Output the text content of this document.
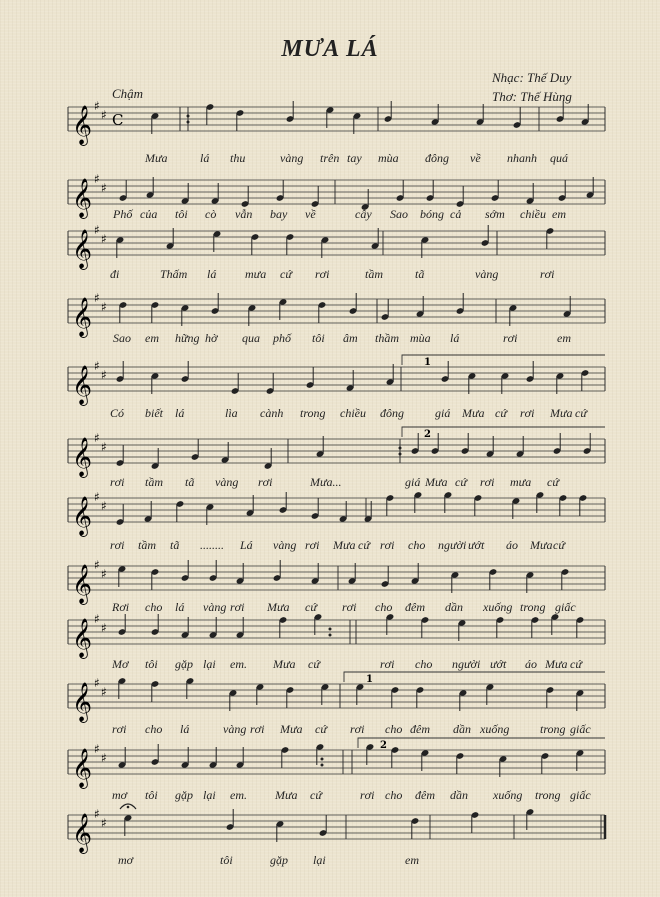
MƯA LÁ
Nhạc: Thế Duy
Thơ: Thế Hùng
Chậm
𝄞 ♯
♯ C
𝄞 ♯
♯
𝄞 ♯
♯
𝄞 ♯
♯
𝄞 ♯
♯
𝄞 ♯
♯
𝄞 ♯
♯
𝄞 ♯
♯
𝄞 ♯
♯
𝄞 ♯
♯
𝄞 ♯
♯
𝄞 ♯
♯
1
2
1
2
Mưa	lá thu	vàng trên tay mùa đông về nhanh quá
Phố của tôi cò vẫn bay về	cây Sao bóng cả sớm chiều em
đi	Thấm lá mưa cứ rơi	tầm	tã	vàng	rơi
Sao em hững hờ qua phố tôi âm thầm mùa lá	rơi	em
Có biết lá	lìa cành trong chiều đông	giá Mưa cứ rơi Mưa cứ
rơi tầm tã vàng rơi	Mưa...	giá Mưa cứ rơi mưa cứ
rơi tầm tã ........ Lá vàng rơi Mưa cứ rơi cho người ướt áo Mưa cứ
Rơi cho lá vàng rơi Mưa cứ rơi cho đêm dần xuống trong giấc
Mơ tôi gặp lại em. Mưa cứ	rơi cho người ướt áo Mưa cứ
rơi cho lá	vàng rơi Mưa cứ rơi cho đêm dần xuống	trong giấc
mơ tôi gặp lại em. Mưa cứ	rơi cho đêm dần xuống trong giấc
mơ	tôi	gặp lại	em
